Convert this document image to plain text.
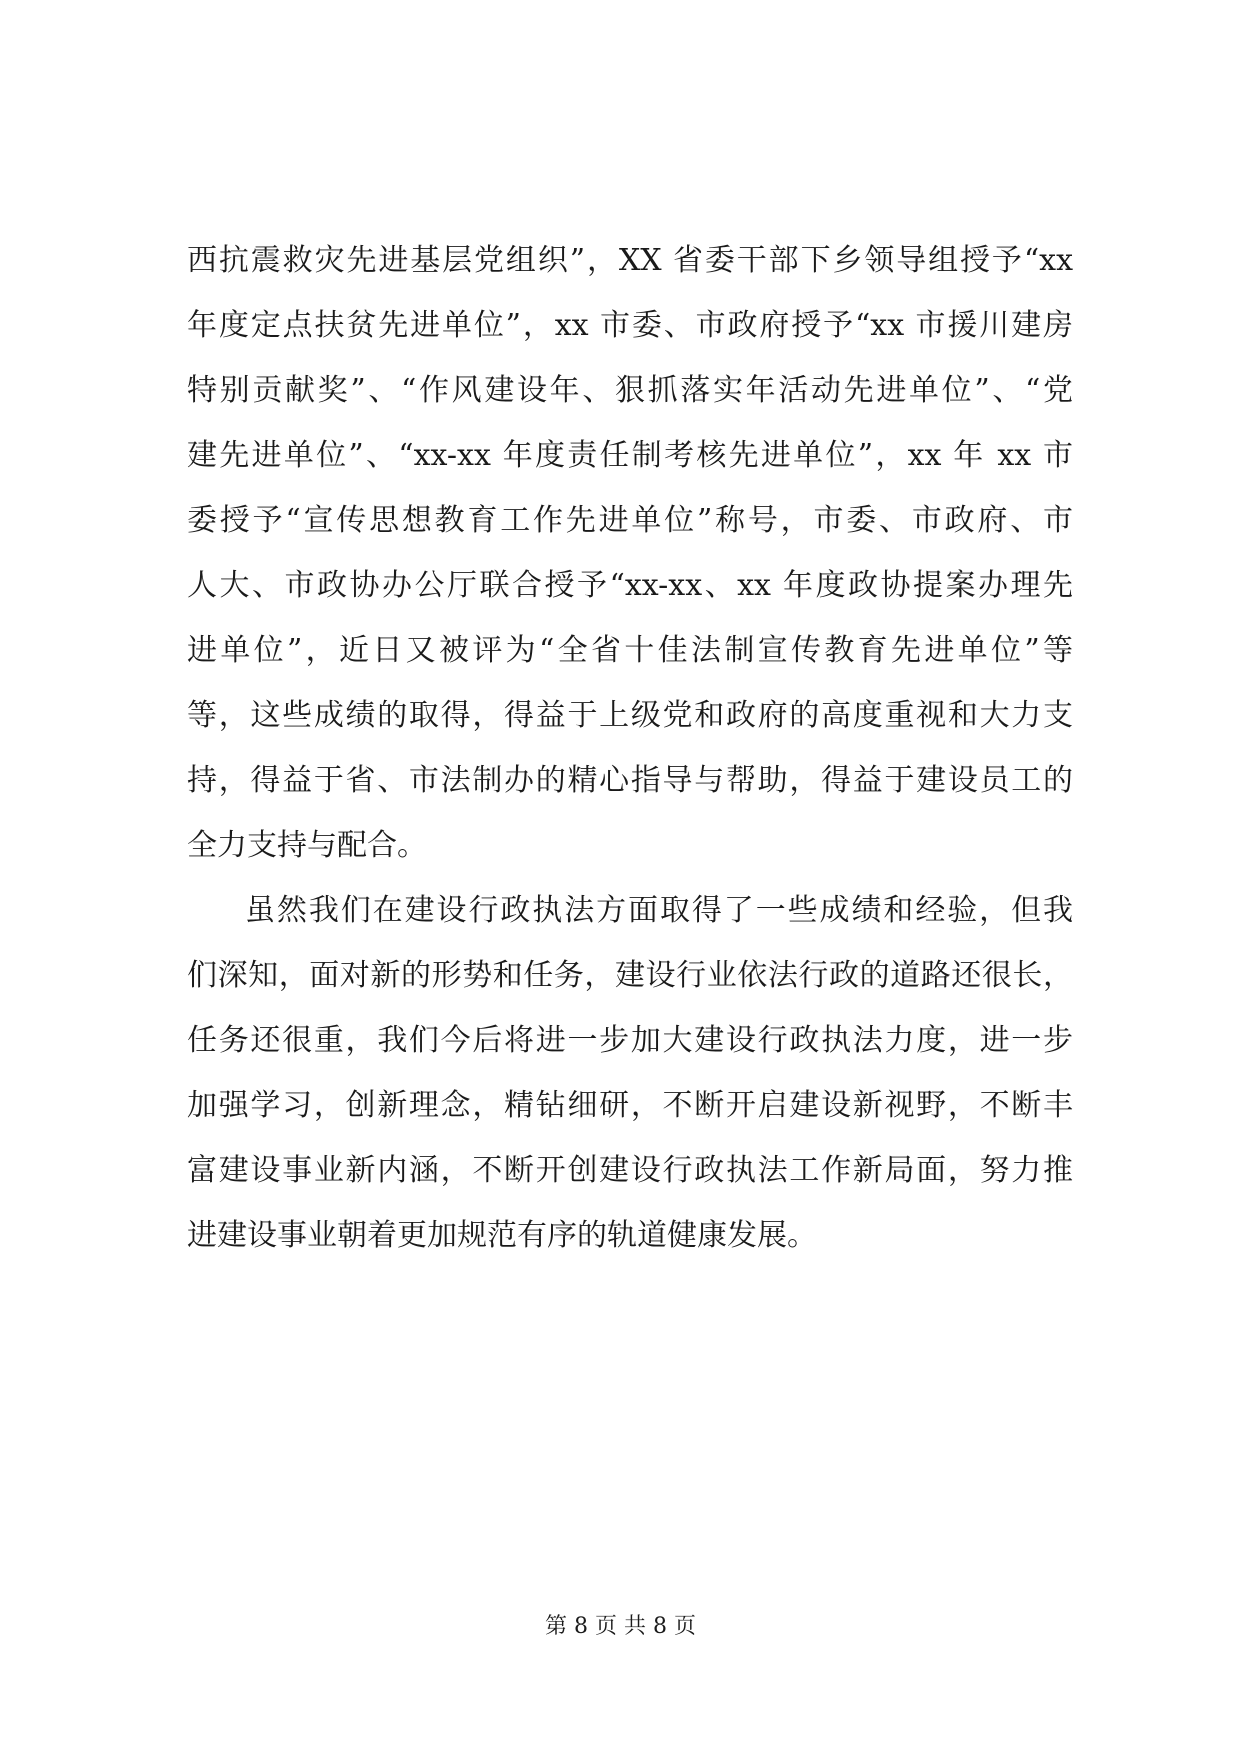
西抗震救灾先进基层党组织”，XX 省委干部下乡领导组授予“xx
年度定点扶贫先进单位”，xx 市委、市政府授予“xx 市援川建房
特别贡献奖”、“作风建设年、狠抓落实年活动先进单位”、“党
建先进单位”、“xx-xx 年度责任制考核先进单位”，xx 年 xx 市
委授予“宣传思想教育工作先进单位”称号，市委、市政府、市
人大、市政协办公厅联合授予“xx-xx、xx 年度政协提案办理先
进单位”，近日又被评为“全省十佳法制宣传教育先进单位”等
等，这些成绩的取得，得益于上级党和政府的高度重视和大力支
持，得益于省、市法制办的精心指导与帮助，得益于建设员工的
全力支持与配合。
虽然我们在建设行政执法方面取得了一些成绩和经验，但我
们深知，面对新的形势和任务，建设行业依法行政的道路还很长，
任务还很重，我们今后将进一步加大建设行政执法力度，进一步
加强学习，创新理念，精钻细研，不断开启建设新视野，不断丰
富建设事业新内涵，不断开创建设行政执法工作新局面，努力推
进建设事业朝着更加规范有序的轨道健康发展。
第 8 页 共 8 页
